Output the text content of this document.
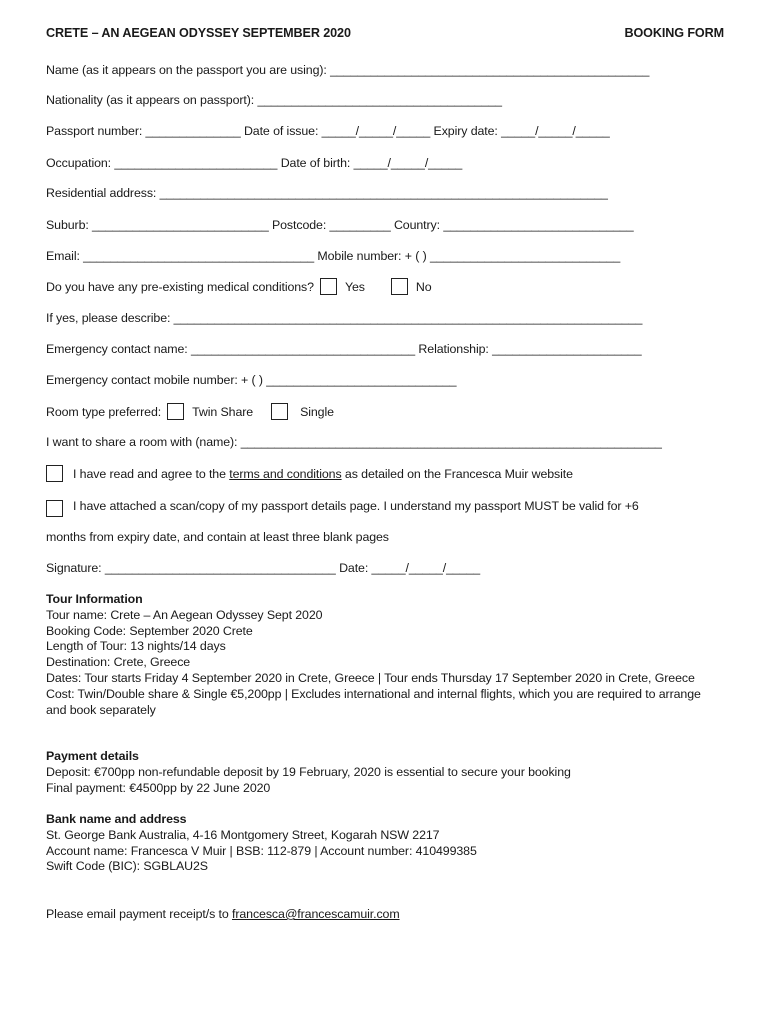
CRETE – AN AEGEAN ODYSSEY SEPTEMBER 2020	BOOKING FORM
Name (as it appears on the passport you are using): _______________________________________________
Nationality (as it appears on passport): ____________________________________
Passport number: ______________ Date of issue: _____/_____/_____ Expiry date: _____/_____/_____
Occupation: ________________________ Date of birth: _____/_____/_____
Residential address: __________________________________________________________________
Suburb: __________________________ Postcode: _________ Country: ____________________________
Email: __________________________________ Mobile number: + ( ) ____________________________
Do you have any pre-existing medical conditions?	Yes	No
If yes, please describe: _____________________________________________________________________
Emergency contact name: _________________________________ Relationship: ______________________
Emergency contact mobile number: + ( ) ____________________________
Room type preferred:	Twin Share	Single
I want to share a room with (name): ______________________________________________________________
I have read and agree to the terms and conditions as detailed on the Francesca Muir website
I have attached a scan/copy of my passport details page. I understand my passport MUST be valid for +6
months from expiry date, and contain at least three blank pages
Signature: __________________________________ Date: _____/_____/_____
Tour Information
Tour name: Crete – An Aegean Odyssey Sept 2020
Booking Code: September 2020 Crete
Length of Tour: 13 nights/14 days
Destination: Crete, Greece
Dates: Tour starts Friday 4 September 2020 in Crete, Greece | Tour ends Thursday 17 September 2020 in Crete, Greece
Cost: Twin/Double share & Single €5,200pp | Excludes international and internal flights, which you are required to arrange and book separately
Payment details
Deposit: €700pp non-refundable deposit by 19 February, 2020 is essential to secure your booking
Final payment: €4500pp by 22 June 2020
Bank name and address
St. George Bank Australia, 4-16 Montgomery Street, Kogarah NSW 2217
Account name: Francesca V Muir | BSB: 112-879 | Account number: 410499385
Swift Code (BIC): SGBLAU2S
Please email payment receipt/s to francesca@francescamuir.com
